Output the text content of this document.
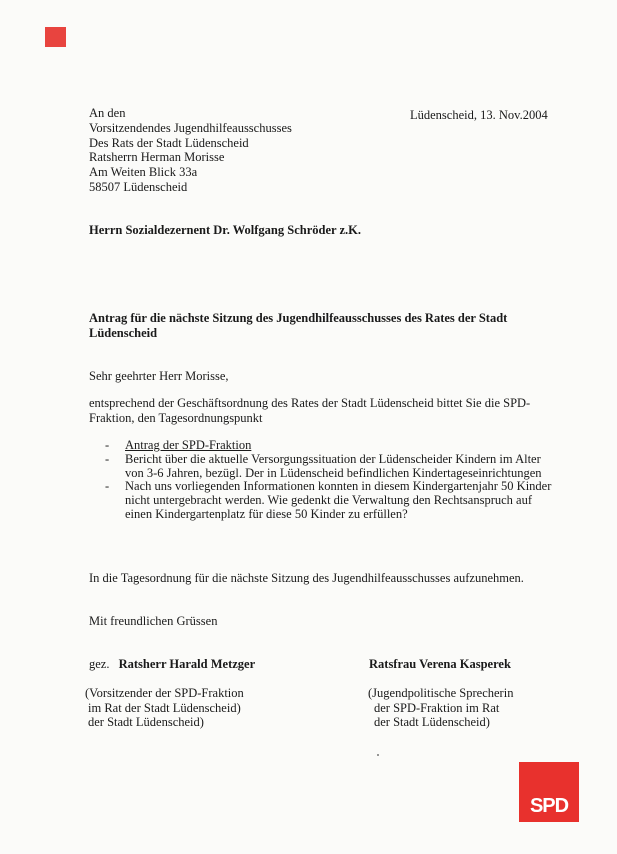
An den
Vorsitzendendes Jugendhilfeausschusses
Des Rats der Stadt Lüdenscheid
Ratsherrn Herman Morisse
Am Weiten Blick 33a
58507 Lüdenscheid
Lüdenscheid, 13. Nov.2004
Herrn Sozialdezernent Dr. Wolfgang Schröder z.K.
Antrag für die nächste Sitzung des Jugendhilfeausschusses des Rates der Stadt Lüdenscheid
Sehr geehrter Herr Morisse,
entsprechend der Geschäftsordnung des Rates der Stadt Lüdenscheid bittet Sie die SPD-Fraktion, den Tagesordnungspunkt
- Antrag der SPD-Fraktion
- Bericht über die aktuelle Versorgungssituation der Lüdenscheider Kindern im Alter von 3-6 Jahren, bezügl. Der in Lüdenscheid befindlichen Kindertageseinrichtungen
- Nach uns vorliegenden Informationen konnten in diesem Kindergartenjahr 50 Kinder nicht untergebracht werden. Wie gedenkt die Verwaltung den Rechtsanspruch auf einen Kindergartenplatz für diese 50 Kinder zu erfüllen?
In die Tagesordnung für die nächste Sitzung des Jugendhilfeausschusses aufzunehmen.
Mit freundlichen Grüssen
gez. Ratsherr Harald Metzger	Ratsfrau Verena Kasperek
(Vorsitzender der SPD-Fraktion
im Rat der Stadt Lüdenscheid)
der Stadt Lüdenscheid)
(Jugendpolitische Sprecherin
der SPD-Fraktion im Rat
der Stadt Lüdenscheid)
SPD
